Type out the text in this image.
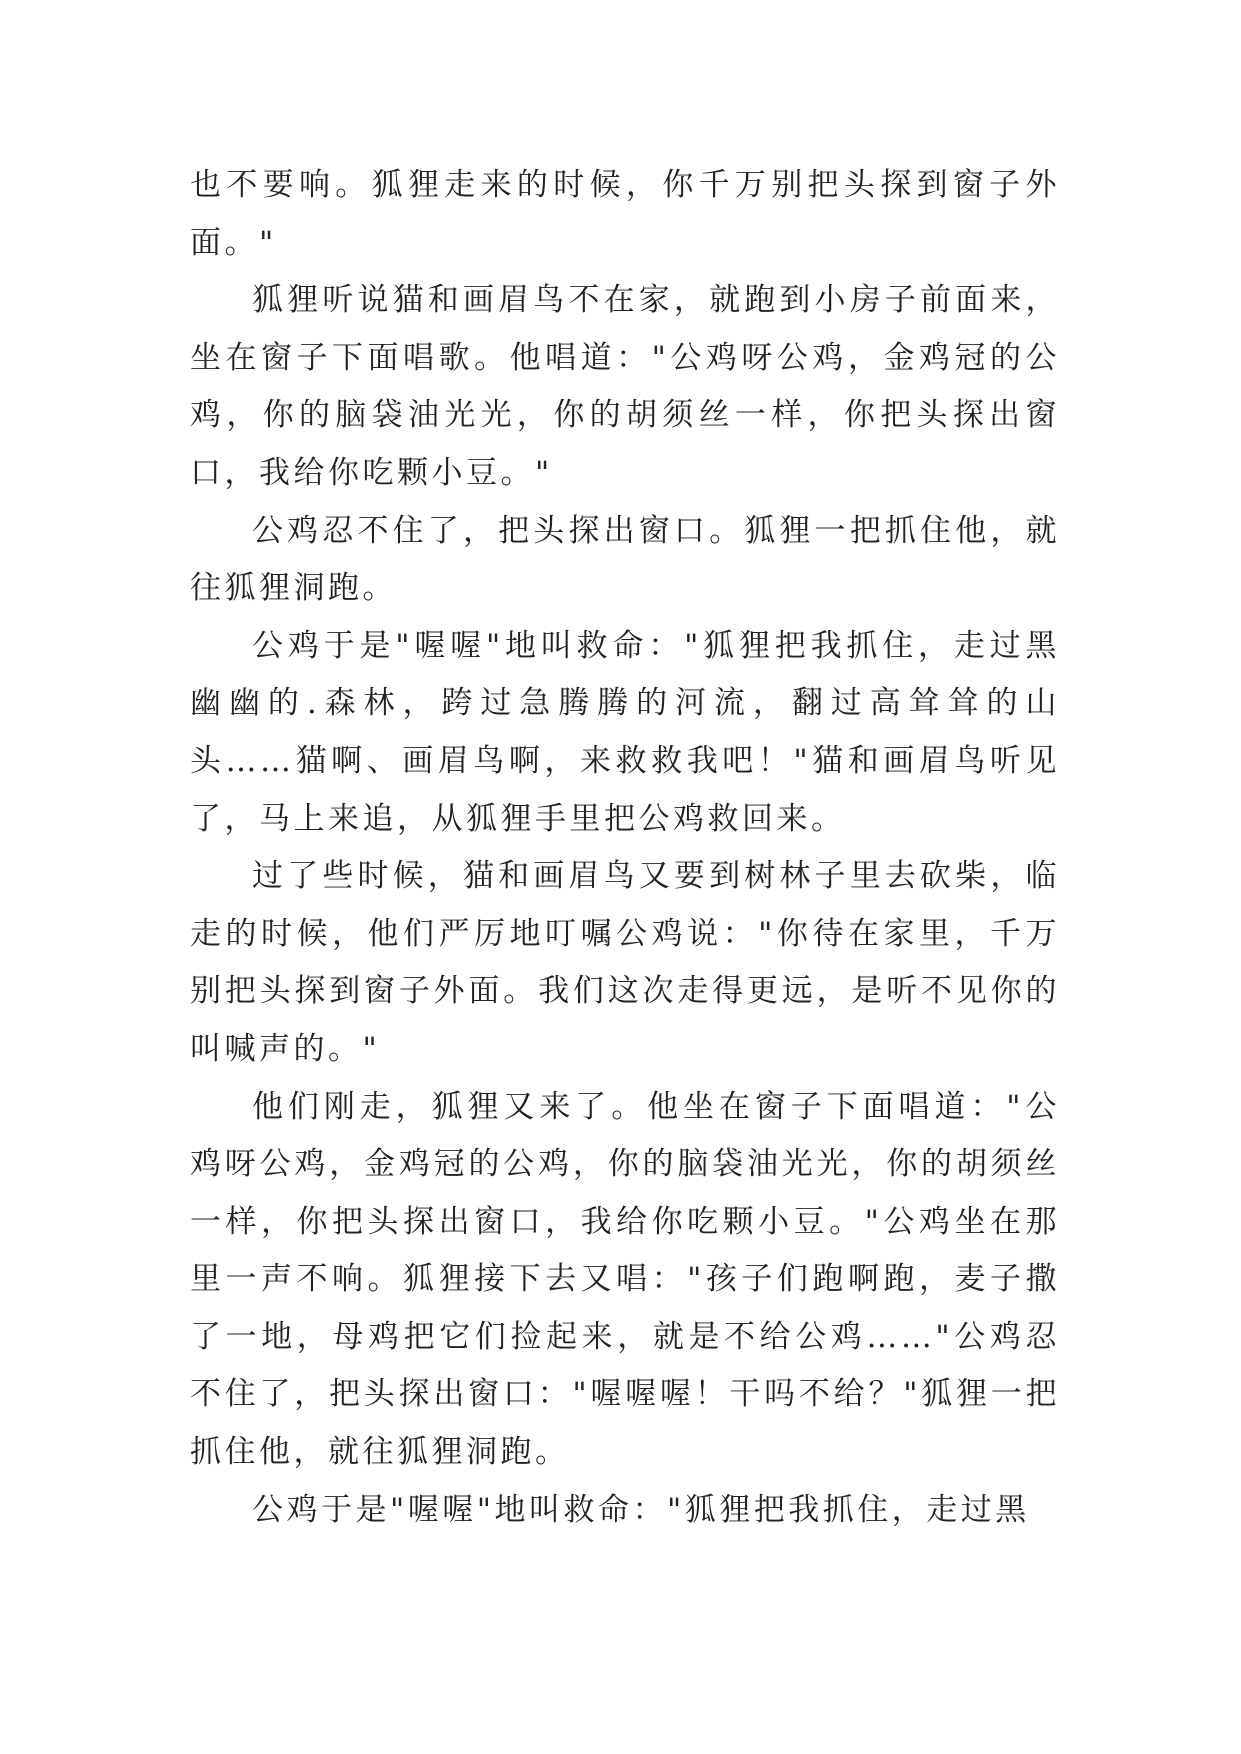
也不要响。狐狸走来的时候，你千万别把头探到窗子外面。"

狐狸听说猫和画眉鸟不在家，就跑到小房子前面来，坐在窗子下面唱歌。他唱道："公鸡呀公鸡，金鸡冠的公鸡，你的脑袋油光光，你的胡须丝一样，你把头探出窗口，我给你吃颗小豆。"

公鸡忍不住了，把头探出窗口。狐狸一把抓住他，就往狐狸洞跑。

公鸡于是"喔喔"地叫救命："狐狸把我抓住，走过黑幽幽的.森林，跨过急腾腾的河流，翻过高耸耸的山头……猫啊、画眉鸟啊，来救救我吧！"猫和画眉鸟听见了，马上来追，从狐狸手里把公鸡救回来。

过了些时候，猫和画眉鸟又要到树林子里去砍柴，临走的时候，他们严厉地叮嘱公鸡说："你待在家里，千万别把头探到窗子外面。我们这次走得更远，是听不见你的叫喊声的。"

他们刚走，狐狸又来了。他坐在窗子下面唱道："公鸡呀公鸡，金鸡冠的公鸡，你的脑袋油光光，你的胡须丝一样，你把头探出窗口，我给你吃颗小豆。"公鸡坐在那里一声不响。狐狸接下去又唱："孩子们跑啊跑，麦子撒了一地，母鸡把它们捡起来，就是不给公鸡……"公鸡忍不住了，把头探出窗口："喔喔喔！干吗不给？"狐狸一把抓住他，就往狐狸洞跑。

公鸡于是"喔喔"地叫救命："狐狸把我抓住，走过黑
